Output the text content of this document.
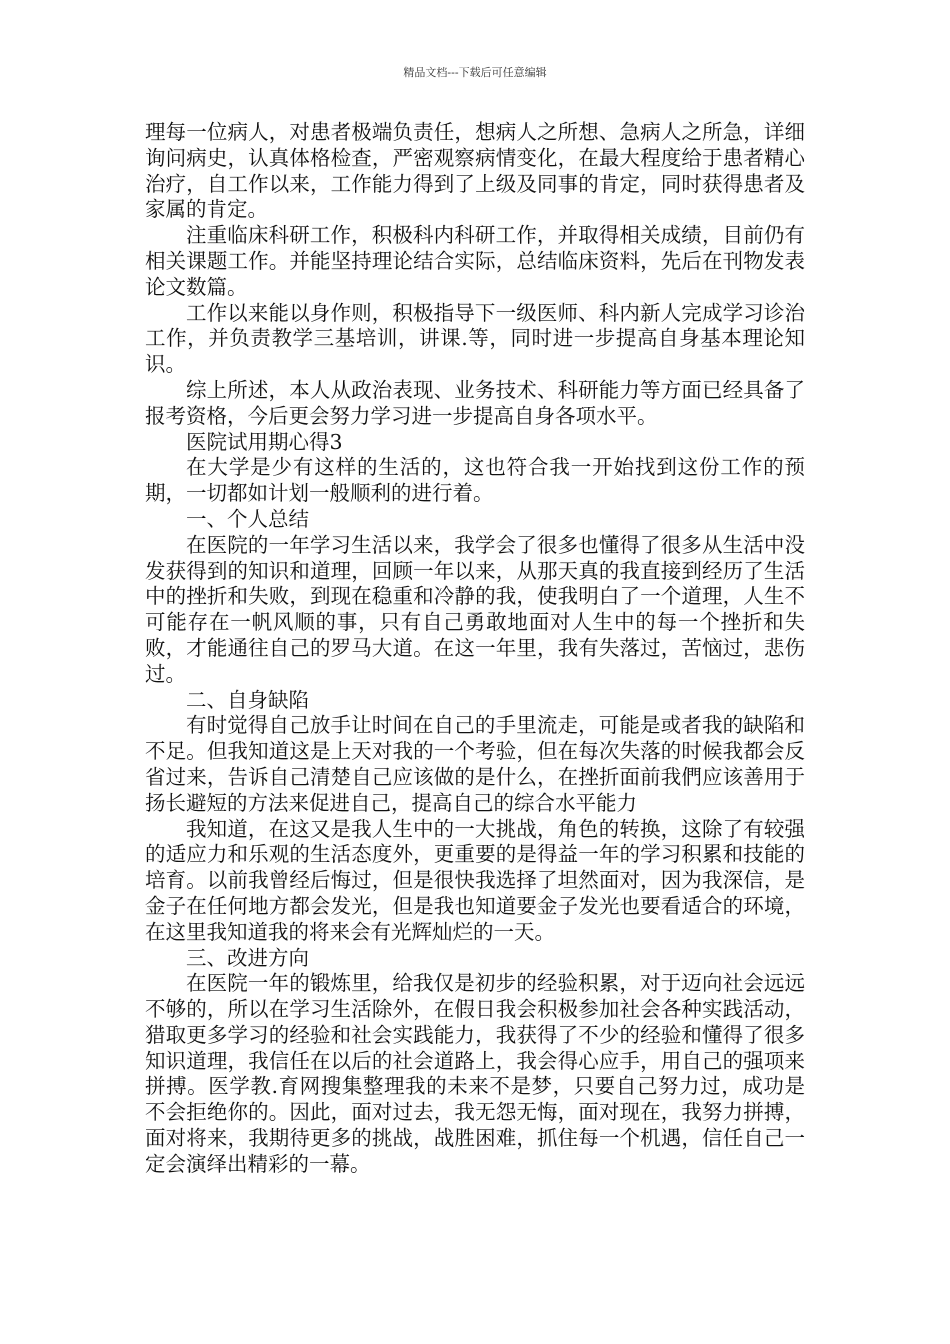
精品文档---下载后可任意编辑

理每一位病人，对患者极端负责任，想病人之所想、急病人之所急，详细询问病史，认真体格检查，严密观察病情变化，在最大程度给于患者精心治疗，自工作以来，工作能力得到了上级及同事的肯定，同时获得患者及家属的肯定。

注重临床科研工作，积极科内科研工作，并取得相关成绩，目前仍有相关课题工作。并能坚持理论结合实际，总结临床资料，先后在刊物发表论文数篇。

工作以来能以身作则，积极指导下一级医师、科内新人完成学习诊治工作，并负责教学三基培训，讲课.等，同时进一步提高自身基本理论知识。

综上所述，本人从政治表现、业务技术、科研能力等方面已经具备了报考资格，今后更会努力学习进一步提高自身各项水平。

医院试用期心得3

在大学是少有这样的生活的，这也符合我一开始找到这份工作的预期，一切都如计划一般顺利的进行着。

一、个人总结

在医院的一年学习生活以来，我学会了很多也懂得了很多从生活中没发获得到的知识和道理，回顾一年以来，从那天真的我直接到经历了生活中的挫折和失败，到现在稳重和冷静的我，使我明白了一个道理，人生不可能存在一帆风顺的事，只有自己勇敢地面对人生中的每一个挫折和失败，才能通往自己的罗马大道。在这一年里，我有失落过，苦恼过，悲伤过。

二、自身缺陷

有时觉得自己放手让时间在自己的手里流走，可能是或者我的缺陷和不足。但我知道这是上天对我的一个考验，但在每次失落的时候我都会反省过来，告诉自己清楚自己应该做的是什么，在挫折面前我們应该善用于扬长避短的方法来促进自己，提高自己的综合水平能力

我知道，在这又是我人生中的一大挑战，角色的转换，这除了有较强的适应力和乐观的生活态度外，更重要的是得益一年的学习积累和技能的培育。以前我曾经后悔过，但是很快我选择了坦然面对，因为我深信，是金子在任何地方都会发光，但是我也知道要金子发光也要看适合的环境，在这里我知道我的将来会有光辉灿烂的一天。

三、改进方向

在医院一年的锻炼里，给我仅是初步的经验积累，对于迈向社会远远不够的，所以在学习生活除外，在假日我会积极参加社会各种实践活动，猎取更多学习的经验和社会实践能力，我获得了不少的经验和懂得了很多知识道理，我信任在以后的社会道路上，我会得心应手，用自己的强项来拼搏。医学教.育网搜集整理我的未来不是梦，只要自己努力过，成功是不会拒绝你的。因此，面对过去，我无怨无悔，面对现在，我努力拼搏，面对将来，我期待更多的挑战，战胜困难，抓住每一个机遇，信任自己一定会演绎出精彩的一幕。
